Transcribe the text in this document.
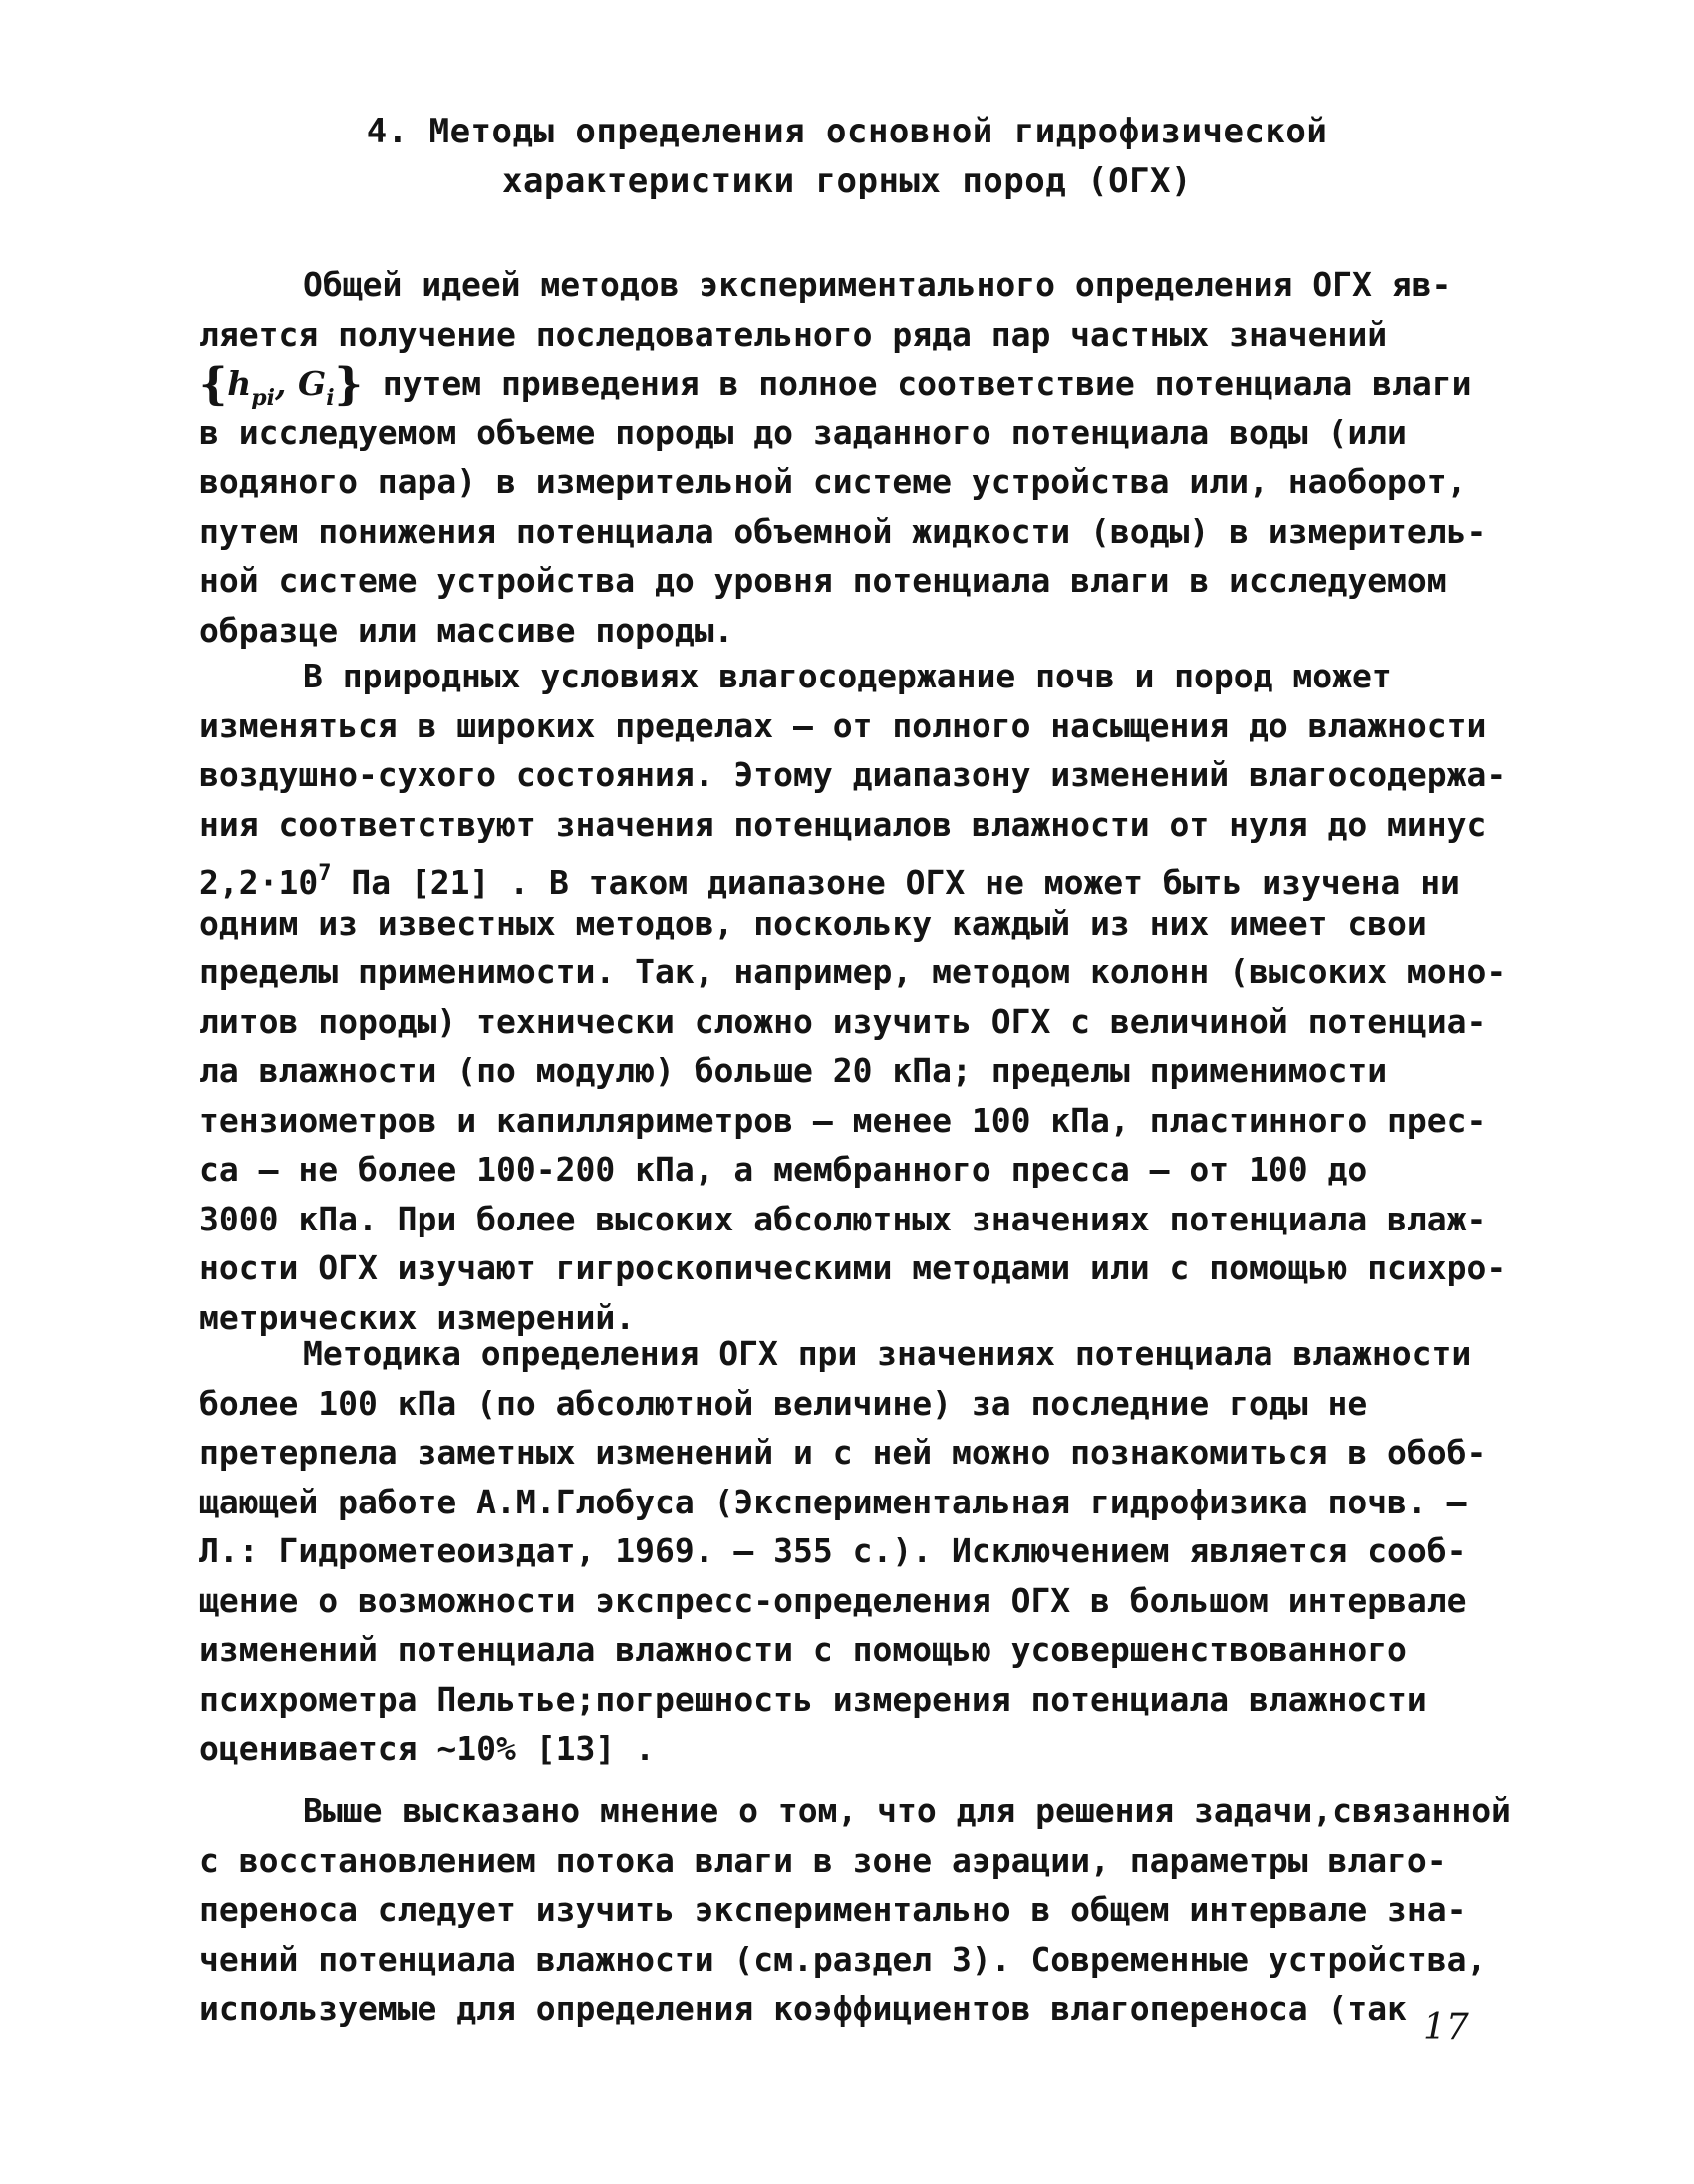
4. Методы определения основной гидрофизической
характеристики горных пород (ОГХ)
Общей идеей методов экспериментального определения ОГХ яв-
ляется получение последовательного ряда пар частных значений
{$h_{pi}$, $G_i$} путем приведения в полное соответствие потенциала влаги
в исследуемом объеме породы до заданного потенциала воды (или
водяного пара) в измерительной системе устройства или, наоборот,
путем понижения потенциала объемной жидкости (воды) в измеритель-
ной системе устройства до уровня потенциала влаги в исследуемом
образце или массиве породы.
В природных условиях влагосодержание почв и пород может
изменяться в широких пределах – от полного насыщения до влажности
воздушно-сухого состояния. Этому диапазону изменений влагосодержа-
ния соответствуют значения потенциалов влажности от нуля до минус
$2,2\cdot 10^7$ Па [21] . В таком диапазоне ОГХ не может быть изучена ни
одним из известных методов, поскольку каждый из них имеет свои
пределы применимости. Так, например, методом колонн (высоких моно-
литов породы) технически сложно изучить ОГХ с величиной потенциа-
ла влажности (по модулю) больше 20 кПа; пределы применимости
тензиометров и капилляриметров – менее 100 кПа, пластинного прес-
са – не более 100-200 кПа, а мембранного пресса – от 100 до
3000 кПа. При более высоких абсолютных значениях потенциала влаж-
ности ОГХ изучают гигроскопическими методами или с помощью психро-
метрических измерений.
Методика определения ОГХ при значениях потенциала влажности
более 100 кПа (по абсолютной величине) за последние годы не
претерпела заметных изменений и с ней можно познакомиться в обоб-
щающей работе А.М.Глобуса (Экспериментальная гидрофизика почв. –
Л.: Гидрометеоиздат, 1969. – 355 с.). Исключением является сооб-
щение о возможности экспресс-определения ОГХ в большом интервале
изменений потенциала влажности с помощью усовершенствованного
психрометра Пельтье;погрешность измерения потенциала влажности
оценивается ~10% [13] .
Выше высказано мнение о том, что для решения задачи,связанной
с восстановлением потока влаги в зоне аэрации, параметры влаго-
переноса следует изучить экспериментально в общем интервале зна-
чений потенциала влажности (см.раздел 3). Современные устройства,
используемые для определения коэффициентов влагопереноса (так 17
